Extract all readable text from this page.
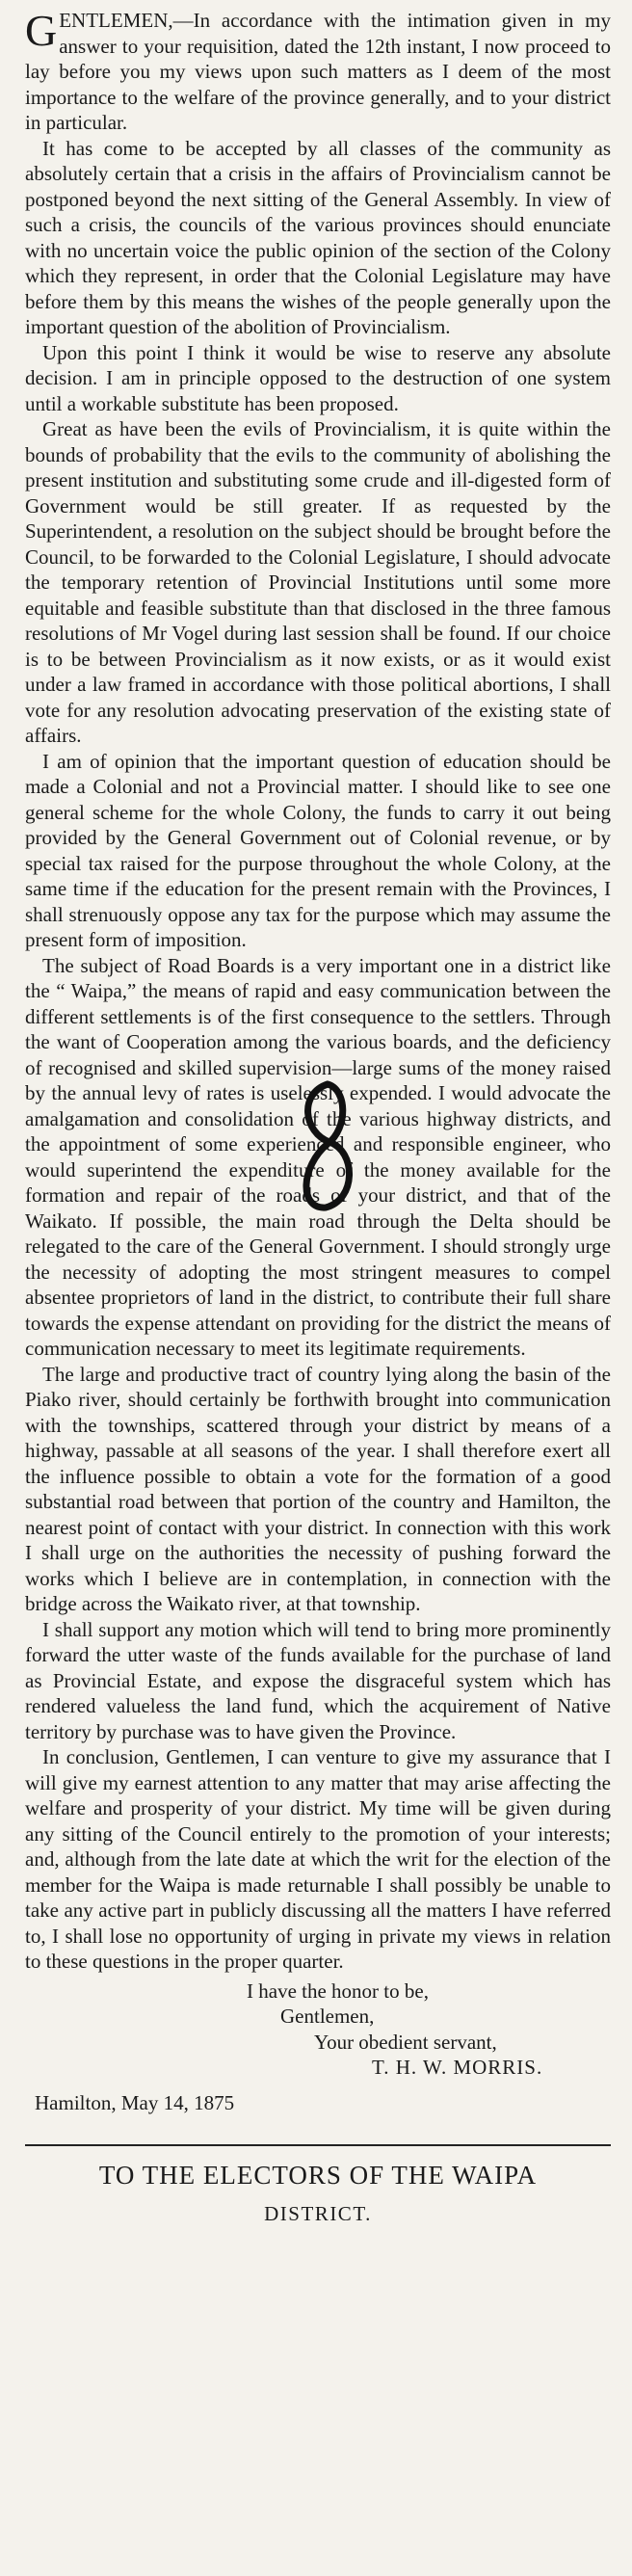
GENTLEMEN,—In accordance with the intimation given in my answer to your requisition, dated the 12th instant, I now proceed to lay before you my views upon such matters as I deem of the most importance to the welfare of the province generally, and to your district in particular.

It has come to be accepted by all classes of the community as absolutely certain that a crisis in the affairs of Provincialism cannot be postponed beyond the next sitting of the General Assembly. In view of such a crisis, the councils of the various provinces should enunciate with no uncertain voice the public opinion of the section of the Colony which they represent, in order that the Colonial Legislature may have before them by this means the wishes of the people generally upon the important question of the abolition of Provincialism.

Upon this point I think it would be wise to reserve any absolute decision. I am in principle opposed to the destruction of one system until a workable substitute has been proposed.

Great as have been the evils of Provincialism, it is quite within the bounds of probability that the evils to the community of abolishing the present institution and substituting some crude and ill-digested form of Government would be still greater. If as requested by the Superintendent, a resolution on the subject should be brought before the Council, to be forwarded to the Colonial Legislature, I should advocate the temporary retention of Provincial Institutions until some more equitable and feasible substitute than that disclosed in the three famous resolutions of Mr Vogel during last session shall be found. If our choice is to be between Provincialism as it now exists, or as it would exist under a law framed in accordance with those political abortions, I shall vote for any resolution advocating preservation of the existing state of affairs.

I am of opinion that the important question of education should be made a Colonial and not a Provincial matter. I should like to see one general scheme for the whole Colony, the funds to carry it out being provided by the General Government out of Colonial revenue, or by special tax raised for the purpose throughout the whole Colony, at the same time if the education for the present remain with the Provinces, I shall strenuously oppose any tax for the purpose which may assume the present form of imposition.

The subject of Road Boards is a very important one in a district like the “ Waipa,” the means of rapid and easy communication between the different settlements is of the first consequence to the settlers. Through the want of Cooperation among the various boards, and the deficiency of recognised and skilled supervision—large sums of the money raised by the annual levy of rates is uselessly expended. I would advocate the amalgamation and consolidation of the various highway districts, and the appointment of some experienced and responsible engineer, who would superintend the expenditure of the money available for the formation and repair of the roads of your district, and that of the Waikato. If possible, the main road through the Delta should be relegated to the care of the General Government. I should strongly urge the necessity of adopting the most stringent measures to compel absentee proprietors of land in the district, to contribute their full share towards the expense attendant on providing for the district the means of communication necessary to meet its legitimate requirements.

The large and productive tract of country lying along the basin of the Piako river, should certainly be forthwith brought into communication with the townships, scattered through your district by means of a highway, passable at all seasons of the year. I shall therefore exert all the influence possible to obtain a vote for the formation of a good substantial road between that portion of the country and Hamilton, the nearest point of contact with your district. In connection with this work I shall urge on the authorities the necessity of pushing forward the works which I believe are in contemplation, in connection with the bridge across the Waikato river, at that township.

I shall support any motion which will tend to bring more prominently forward the utter waste of the funds available for the purchase of land as Provincial Estate, and expose the disgraceful system which has rendered valueless the land fund, which the acquirement of Native territory by purchase was to have given the Province.

In conclusion, Gentlemen, I can venture to give my assurance that I will give my earnest attention to any matter that may arise affecting the welfare and prosperity of your district. My time will be given during any sitting of the Council entirely to the promotion of your interests; and, although from the late date at which the writ for the election of the member for the Waipa is made returnable I shall possibly be unable to take any active part in publicly discussing all the matters I have referred to, I shall lose no opportunity of urging in private my views in relation to these questions in the proper quarter.

I have the honor to be,
Gentlemen,
Your obedient servant,
T. H. W. MORRIS.
Hamilton, May 14, 1875
TO THE ELECTORS OF THE WAIPA
DISTRICT.
